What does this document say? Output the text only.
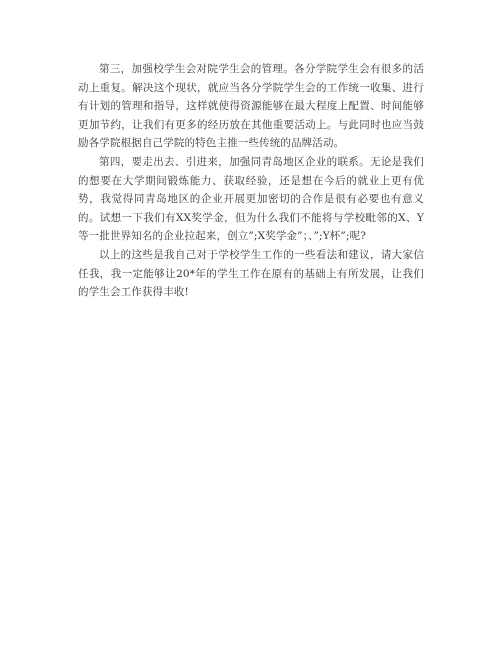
第三，加强校学生会对院学生会的管理。各分学院学生会有很多的活动上重复。解决这个现状，就应当各分学院学生会的工作统一收集、进行有计划的管理和指导，这样就使得资源能够在最大程度上配置、时间能够更加节约，让我们有更多的经历放在其他重要活动上。与此同时也应当鼓励各学院根据自己学院的特色主推一些传统的品牌活动。

第四，要走出去、引进来，加强同青岛地区企业的联系。无论是我们的想要在大学期间锻炼能力、获取经验，还是想在今后的就业上更有优势，我觉得同青岛地区的企业开展更加密切的合作是很有必要也有意义的。试想一下我们有XX奖学金，但为什么我们不能将与学校毗邻的X、Y等一批世界知名的企业拉起来，创立”;X奖学金”；、”;Y杯”;呢?

以上的这些是我自己对于学校学生工作的一些看法和建议，请大家信任我，我一定能够让20*年的学生工作在原有的基础上有所发展，让我们的学生会工作获得丰收!
